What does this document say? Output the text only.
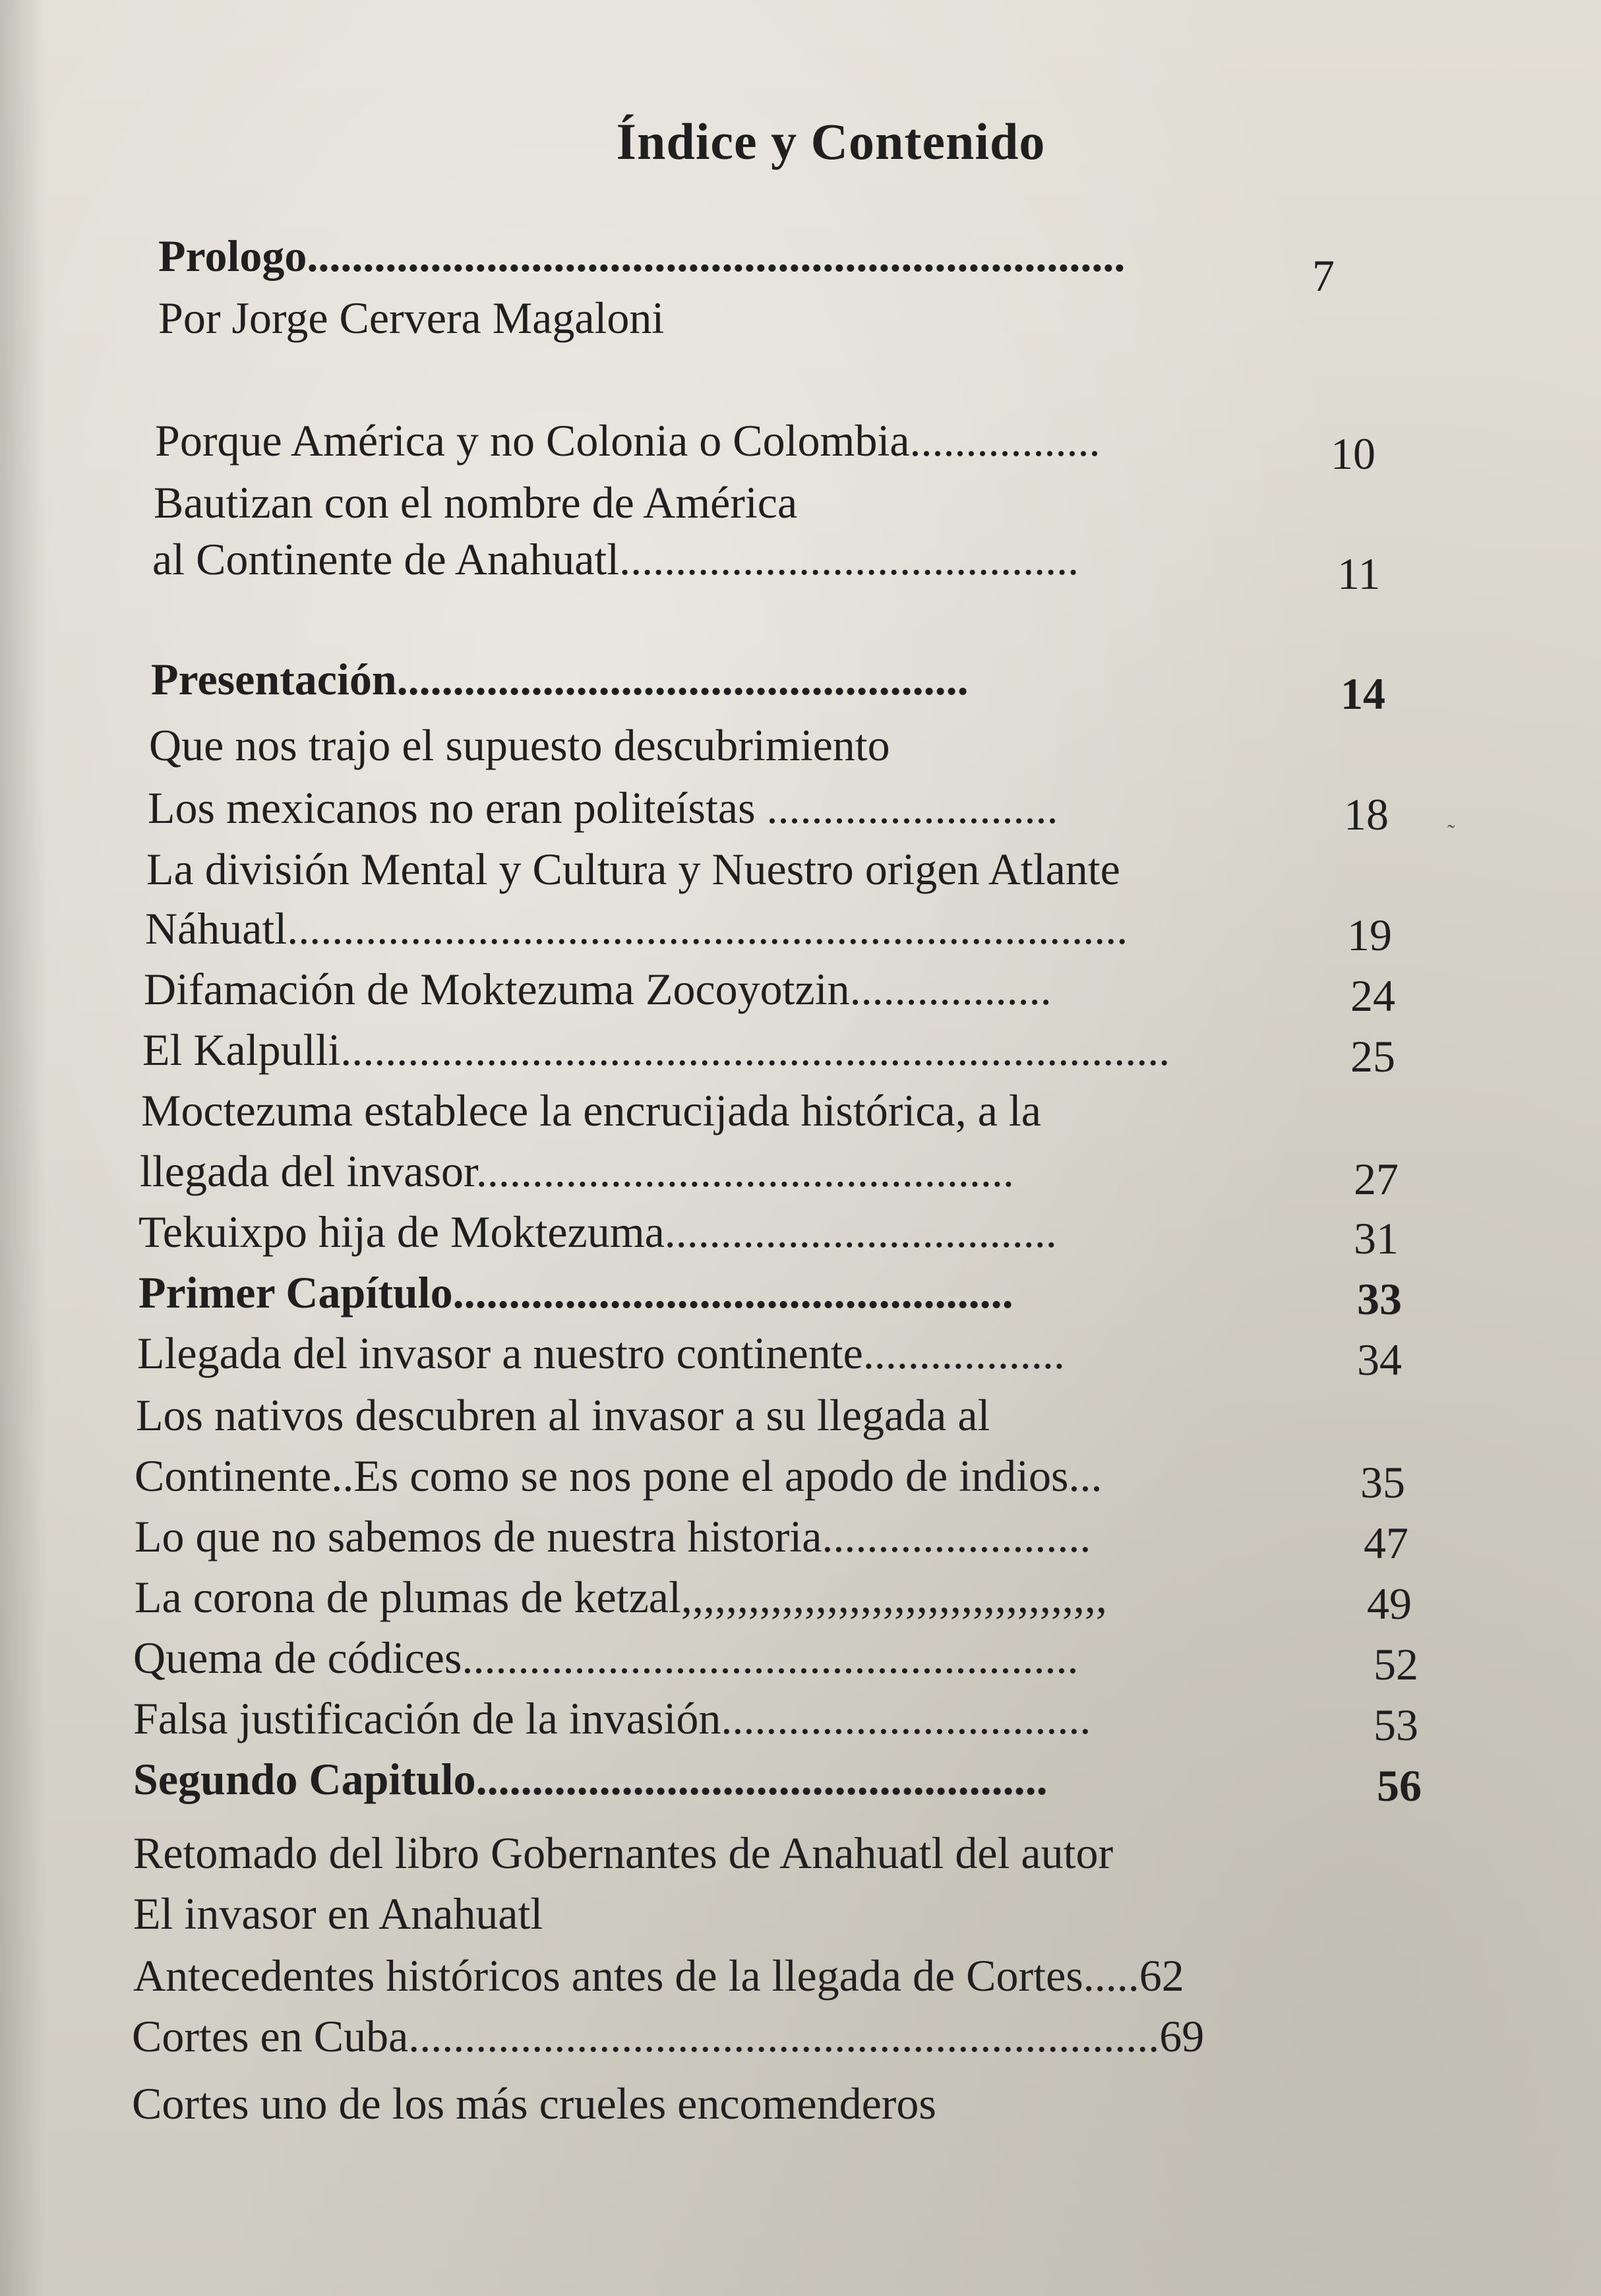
Índice y Contenido
Prologo.........................................................................
Por Jorge Cervera Magaloni
Porque América y no Colonia o Colombia.................
Bautizan con el nombre de América
al Continente de Anahuatl.........................................
Presentación...................................................
Que nos trajo el supuesto descubrimiento
Los mexicanos no eran politeístas ..........................
La división Mental y Cultura y Nuestro origen Atlante
Náhuatl...........................................................................
Difamación de Moktezuma Zocoyotzin..................
El Kalpulli..........................................................................
Moctezuma establece la encrucijada histórica, a la
llegada del invasor................................................
Tekuixpo hija de Moktezuma...................................
Primer Capítulo..................................................
Llegada del invasor a nuestro continente..................
Los nativos descubren al invasor a su llegada al
Continente..Es como se nos pone el apodo de indios...
Lo que no sabemos de nuestra historia........................
La corona de plumas de ketzal,,,,,,,,,,,,,,,,,,,,,,,,,,,,,,,,,,,,,,
Quema de códices.......................................................
Falsa justificación de la invasión.................................
Segundo Capitulo...................................................
Retomado del libro Gobernantes de Anahuatl del autor
El invasor en Anahuatl
Antecedentes históricos antes de la llegada de Cortes.....62
Cortes en Cuba...................................................................69
Cortes uno de los más crueles encomenderos
7
10
11
14
18
19
24
25
27
31
33
34
35
47
49
52
53
56
˜
